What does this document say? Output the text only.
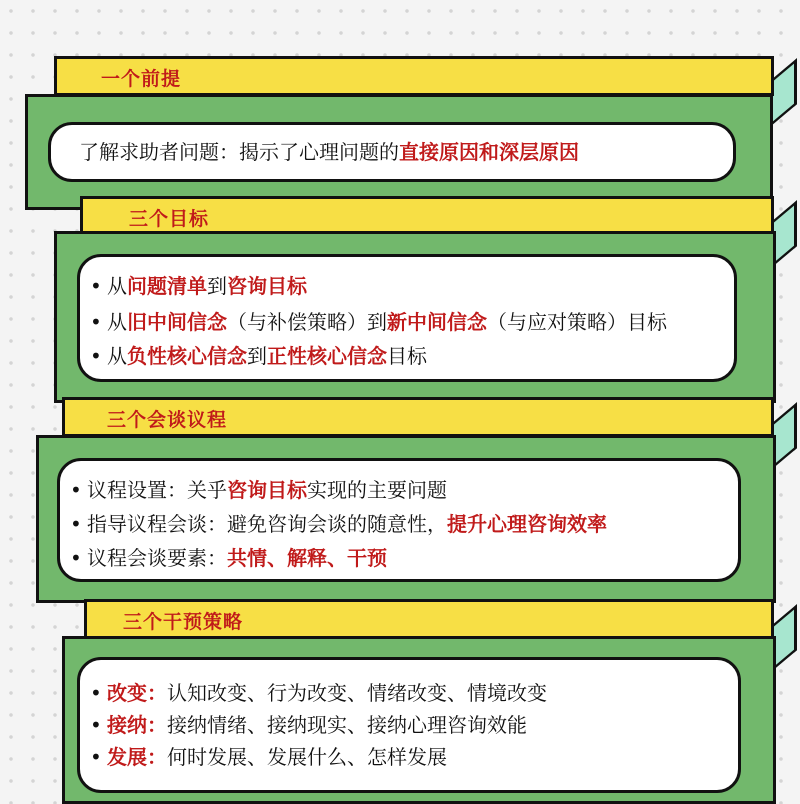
一个前提
了解求助者问题：揭示了心理问题的直接原因和深层原因
三个目标
• 从问题清单到咨询目标
• 从旧中间信念（与补偿策略）到新中间信念（与应对策略）目标
• 从负性核心信念到正性核心信念目标
三个会谈议程
• 议程设置：关乎咨询目标实现的主要问题
• 指导议程会谈：避免咨询会谈的随意性，提升心理咨询效率
• 议程会谈要素：共情、解释、干预
三个干预策略
• 改变：认知改变、行为改变、情绪改变、情境改变
• 接纳：接纳情绪、接纳现实、接纳心理咨询效能
• 发展：何时发展、发展什么、怎样发展
